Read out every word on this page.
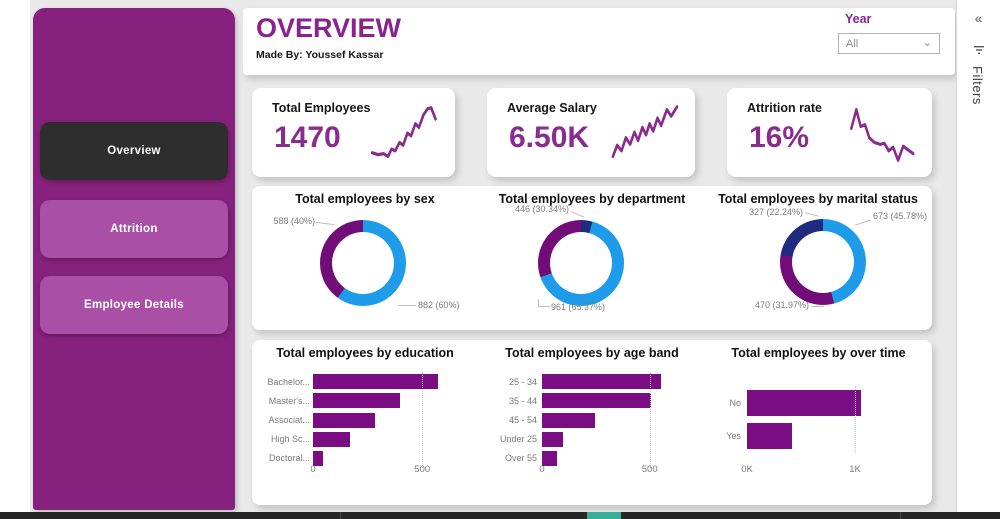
Overview
Attrition
Employee Details
OVERVIEW
Made By: Youssef Kassar
Year
All	⌄
Total Employees
1470
Average Salary
6.50K
Attrition rate
16%
Total employees by sex
588 (40%)
882 (60%)
Total employees by department
446 (30.34%)
961 (65.37%)
Total employees by marital status
327 (22.24%)	673 (45.78%)
470 (31.97%)
Total employees by education
Bachelor...
Master's...
Associat...
High Sc...
Doctoral...
0	500
Total employees by age band
25 - 34
35 - 44
45 - 54
Under 25
Over 55
0	500
Total employees by over time
No
Yes
0K	1K
«
Filters
